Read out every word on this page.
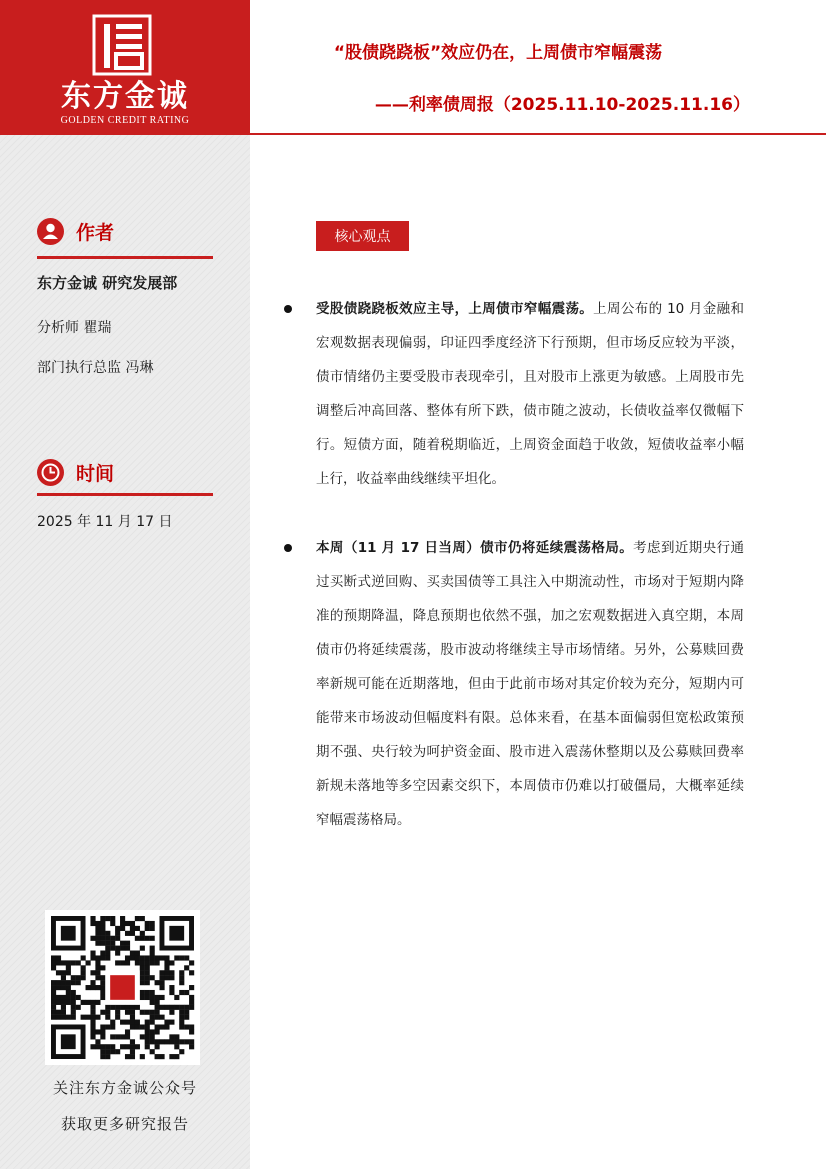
东方金诚
GOLDEN CREDIT RATING
“股债跷跷板”效应仍在，上周债市窄幅震荡
——利率债周报（2025.11.10-2025.11.16）
作者
东方金诚 研究发展部
分析师 瞿瑞
部门执行总监 冯琳
时间
2025 年 11 月 17 日
关注东方金诚公众号
获取更多研究报告
核心观点
受股债跷跷板效应主导，上周债市窄幅震荡。上周公布的 10 月金融和宏观数据表现偏弱，印证四季度经济下行预期，但市场反应较为平淡，债市情绪仍主要受股市表现牵引，且对股市上涨更为敏感。上周股市先调整后冲高回落、整体有所下跌，债市随之波动，长债收益率仅微幅下行。短债方面，随着税期临近，上周资金面趋于收敛，短债收益率小幅上行，收益率曲线继续平坦化。
本周（11 月 17 日当周）债市仍将延续震荡格局。考虑到近期央行通过买断式逆回购、买卖国债等工具注入中期流动性，市场对于短期内降准的预期降温，降息预期也依然不强，加之宏观数据进入真空期，本周债市仍将延续震荡，股市波动将继续主导市场情绪。另外，公募赎回费率新规可能在近期落地，但由于此前市场对其定价较为充分，短期内可能带来市场波动但幅度料有限。总体来看，在基本面偏弱但宽松政策预期不强、央行较为呵护资金面、股市进入震荡休整期以及公募赎回费率新规未落地等多空因素交织下，本周债市仍难以打破僵局，大概率延续窄幅震荡格局。
